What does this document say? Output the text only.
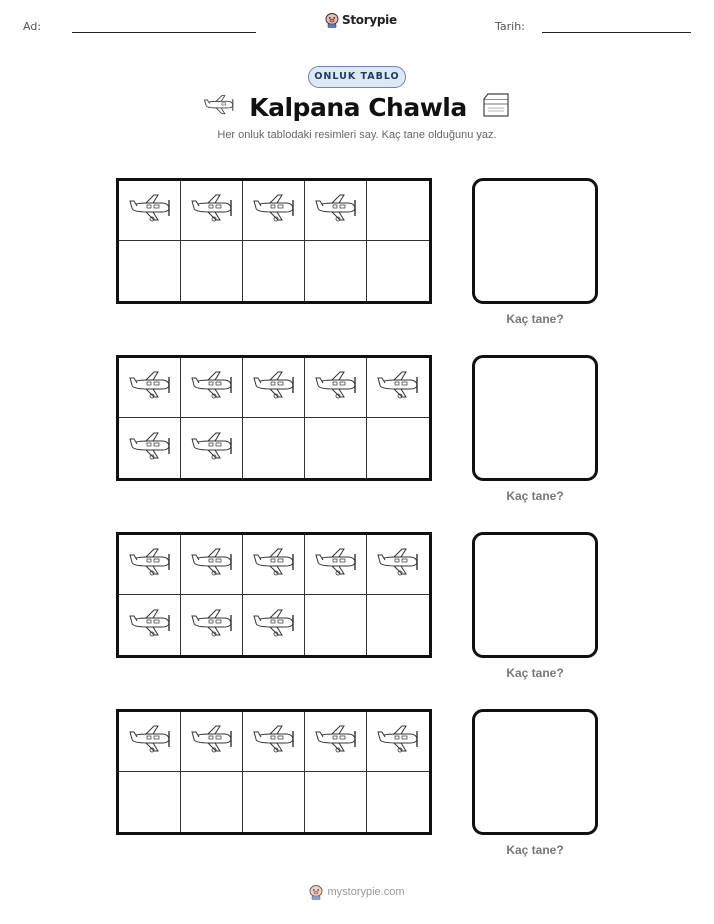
Ad:	Storypie	Tarih:
ONLUK TABLO
Kalpana Chawla
Her onluk tablodaki resimleri say. Kaç tane olduğunu yaz.
Kaç tane?
Kaç tane?
Kaç tane?
Kaç tane?
mystorypie.com
